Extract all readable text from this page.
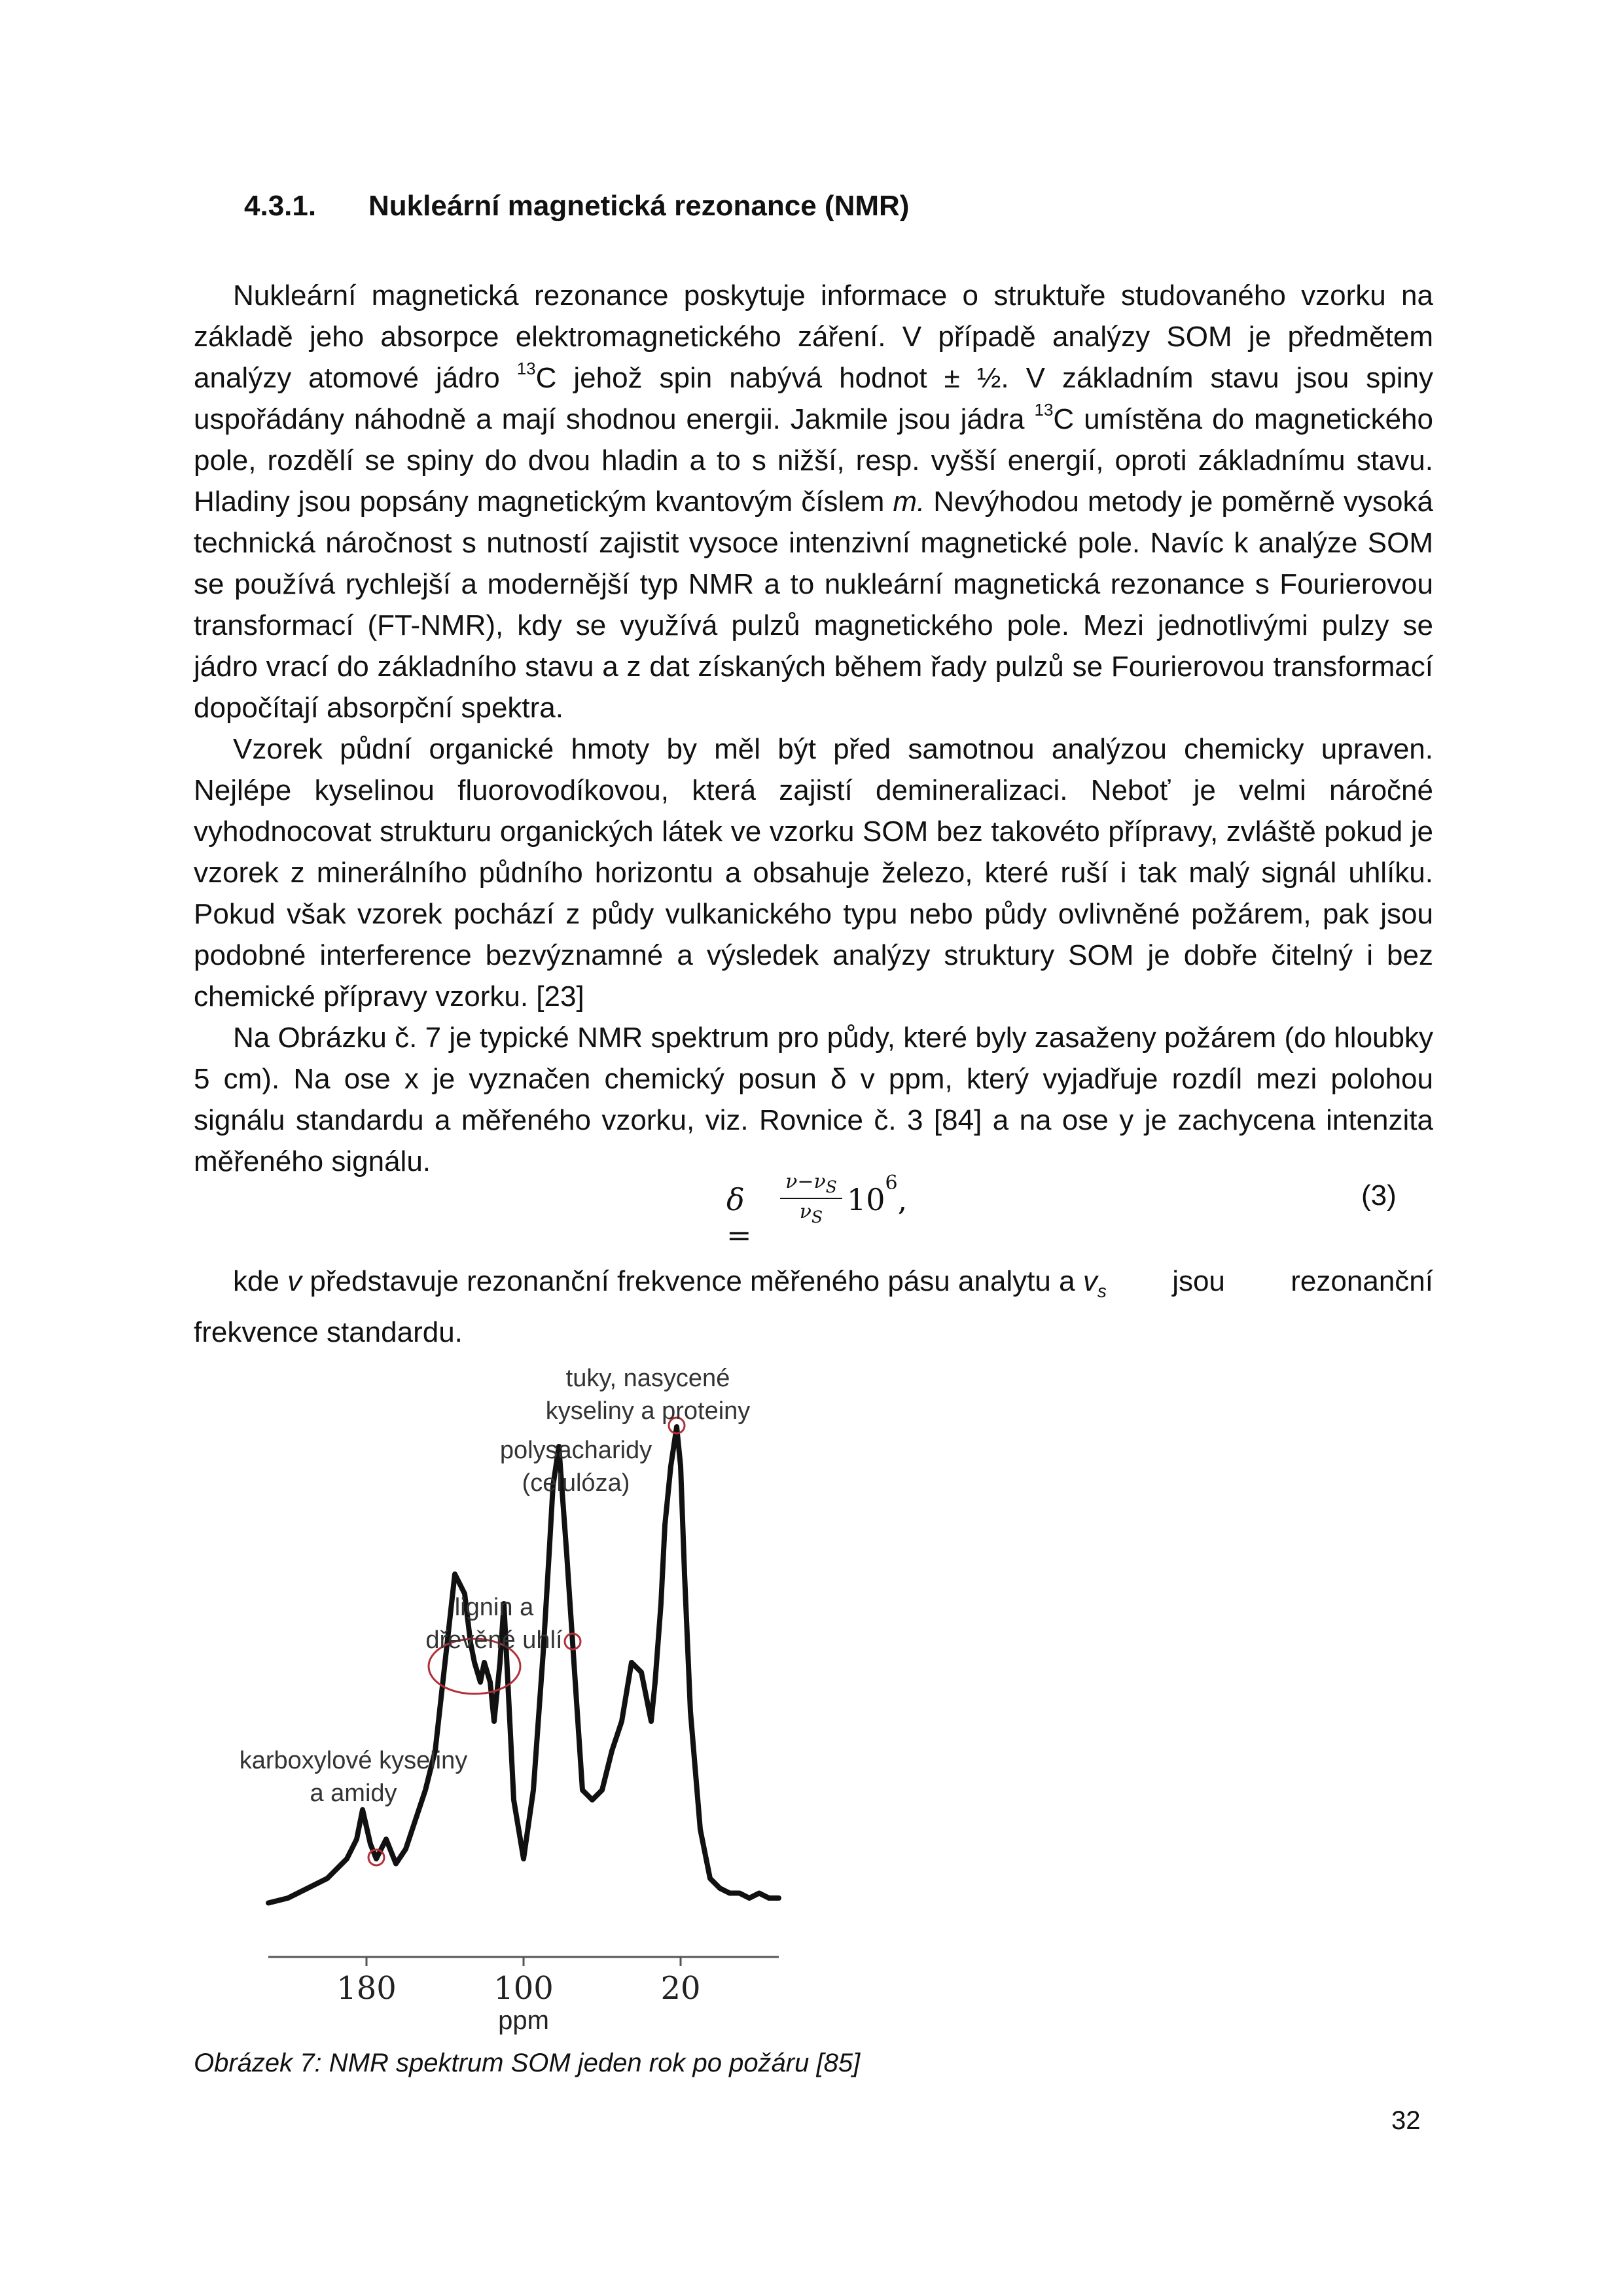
4.3.1. Nukleární magnetická rezonance (NMR)

Nukleární magnetická rezonance poskytuje informace o struktuře studovaného vzorku na základě jeho absorpce elektromagnetického záření. V případě analýzy SOM je předmětem analýzy atomové jádro $^{13}$C jehož spin nabývá hodnot ± ½. V základním stavu jsou spiny uspořádány náhodně a mají shodnou energii. Jakmile jsou jádra $^{13}$C umístěna do magnetického pole, rozdělí se spiny do dvou hladin a to s nižší, resp. vyšší energií, oproti základnímu stavu. Hladiny jsou popsány magnetickým kvantovým číslem m. Nevýhodou metody je poměrně vysoká technická náročnost s nutností zajistit vysoce intenzivní magnetické pole. Navíc k analýze SOM se používá rychlejší a modernější typ NMR a to nukleární magnetická rezonance s Fourierovou transformací (FT-NMR), kdy se využívá pulzů magnetického pole. Mezi jednotlivými pulzy se jádro vrací do základního stavu a z dat získaných během řady pulzů se Fourierovou transformací dopočítají absorpční spektra.

Vzorek půdní organické hmoty by měl být před samotnou analýzou chemicky upraven. Nejlépe kyselinou fluorovodíkovou, která zajistí demineralizaci. Neboť je velmi náročné vyhodnocovat strukturu organických látek ve vzorku SOM bez takovéto přípravy, zvláště pokud je vzorek z minerálního půdního horizontu a obsahuje železo, které ruší i tak malý signál uhlíku. Pokud však vzorek pochází z půdy vulkanického typu nebo půdy ovlivněné požárem, pak jsou podobné interference bezvýznamné a výsledek analýzy struktury SOM je dobře čitelný i bez chemické přípravy vzorku. [23]

Na Obrázku č. 7 je typické NMR spektrum pro půdy, které byly zasaženy požárem (do hloubky 5 cm). Na ose x je vyznačen chemický posun δ v ppm, který vyjadřuje rozdíl mezi polohou signálu standardu a měřeného vzorku, viz. Rovnice č. 3 [84] a na ose y je zachycena intenzita měřeného signálu.

δ =
$\frac{\nu-\nu_S}{\nu_S} 10^6$,	(3)
kde v představuje rezonanční frekvence měřeného pásu analytu a $v_s$ jsou rezonanční
frekvence standardu.
180	100	20
ppm
karboxylové kyseliny
a amidy
lignin a
dřevěné uhlí
polysacharidy
(celulóza)
tuky, nasycené
kyseliny a proteiny
Obrázek 7: NMR spektrum SOM jeden rok po požáru [85]
32
